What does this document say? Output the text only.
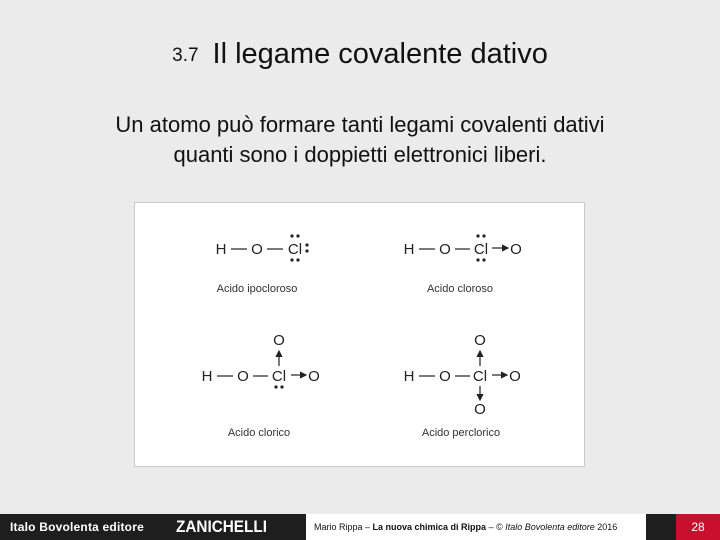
3.7 Il legame covalente dativo
Un atomo può formare tanti legami covalenti dativi
quanti sono i doppietti elettronici liberi.
H O Cl
Acido ipocloroso
H O Cl O
Acido cloroso
O
H O Cl O
Acido clorico
O
H O Cl O
O
Acido perclorico
Italo Bovolenta editore ZANICHELLI	Mario Rippa – La nuova chimica di Rippa – © Italo Bovolenta editore 2016	28
